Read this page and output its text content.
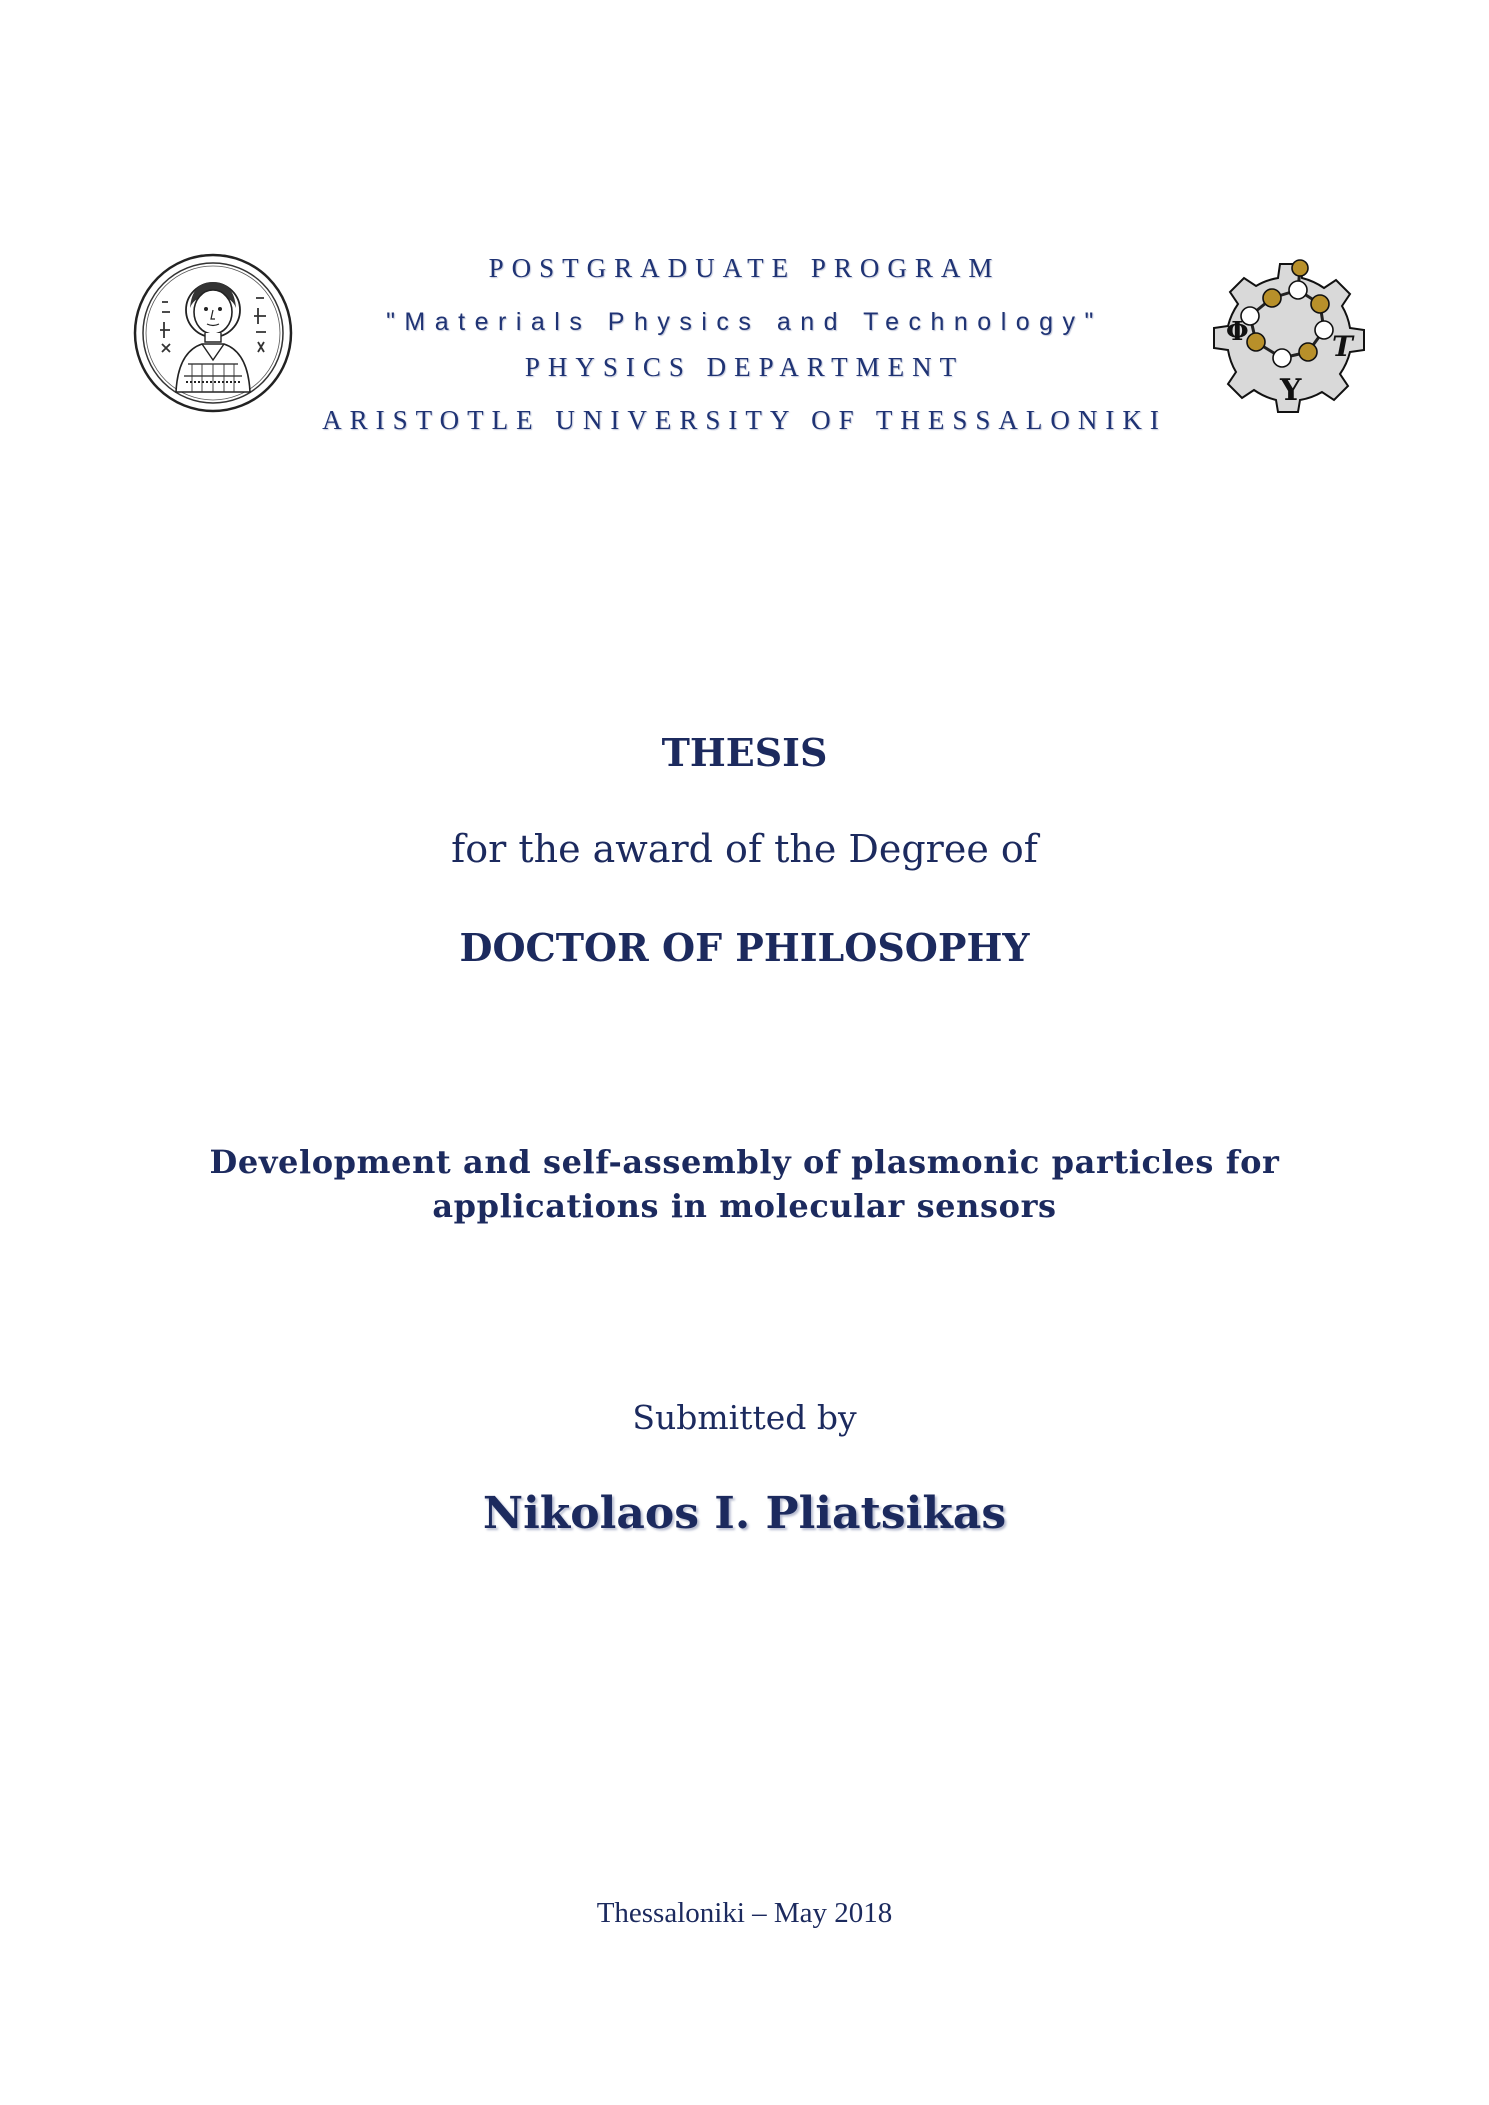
Φ	T
Y
POSTGRADUATE PROGRAM
"Materials Physics and Technology"
PHYSICS DEPARTMENT
ARISTOTLE UNIVERSITY OF THESSALONIKI
THESIS
for the award of the Degree of
DOCTOR OF PHILOSOPHY
Development and self-assembly of plasmonic particles for
applications in molecular sensors
Submitted by
Nikolaos I. Pliatsikas
Thessaloniki – May 2018
